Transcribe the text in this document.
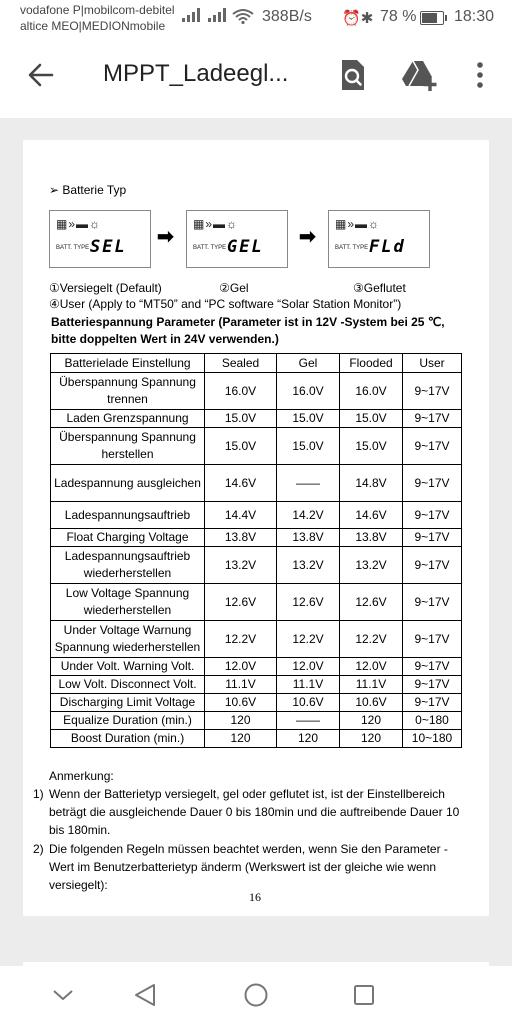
vodafone P|mobilcom-debitel
altice MEO|MEDIONmobile
388B/s ⏰✱ 78 % 18:30
MPPT_Ladeegl...
➢ Batterie Typ
▦»▬☼
BATT. TYPE SEL ➡
▦»▬☼
BATT. TYPE GEL ➡
▦»▬☼
BATT. TYPE FLd
①Versiegelt (Default)	②Gel	③Geflutet
④User (Apply to “MT50” and “PC software “Solar Station Monitor”)
Batteriespannung Parameter (Parameter ist in 12V -System bei 25 ℃, bitte doppelten Wert in 24V verwenden.)
Batterielade Einstellung	Sealed	Gel	Flooded	User
Überspannung Spannung trennen	16.0V	16.0V	16.0V	9~17V
Laden Grenzspannung	15.0V	15.0V	15.0V	9~17V
Überspannung Spannung herstellen	15.0V	15.0V	15.0V	9~17V
Ladespannung ausgleichen	14.6V	——	14.8V	9~17V
Ladespannungsauftrieb	14.4V	14.2V	14.6V	9~17V
Float Charging Voltage	13.8V	13.8V	13.8V	9~17V
Ladespannungsauftrieb wiederherstellen	13.2V	13.2V	13.2V	9~17V
Low Voltage Spannung wiederherstellen	12.6V	12.6V	12.6V	9~17V
Under Voltage Warnung Spannung wiederherstellen	12.2V	12.2V	12.2V	9~17V
Under Volt. Warning Volt.	12.0V	12.0V	12.0V	9~17V
Low Volt. Disconnect Volt.	11.1V	11.1V	11.1V	9~17V
Discharging Limit Voltage	10.6V	10.6V	10.6V	9~17V
Equalize Duration (min.)	120	——	120	0~180
Boost Duration (min.)	120	120	120	10~180
Anmerkung:
1) Wenn der Batterietyp versiegelt, gel oder geflutet ist, ist der Einstellbereich beträgt die ausgleichende Dauer 0 bis 180min und die auftreibende Dauer 10 bis 180min.
2) Die folgenden Regeln müssen beachtet werden, wenn Sie den Parameter - Wert im Benutzerbatterietyp änderm (Werkswert ist der gleiche wie wenn versiegelt):
16
